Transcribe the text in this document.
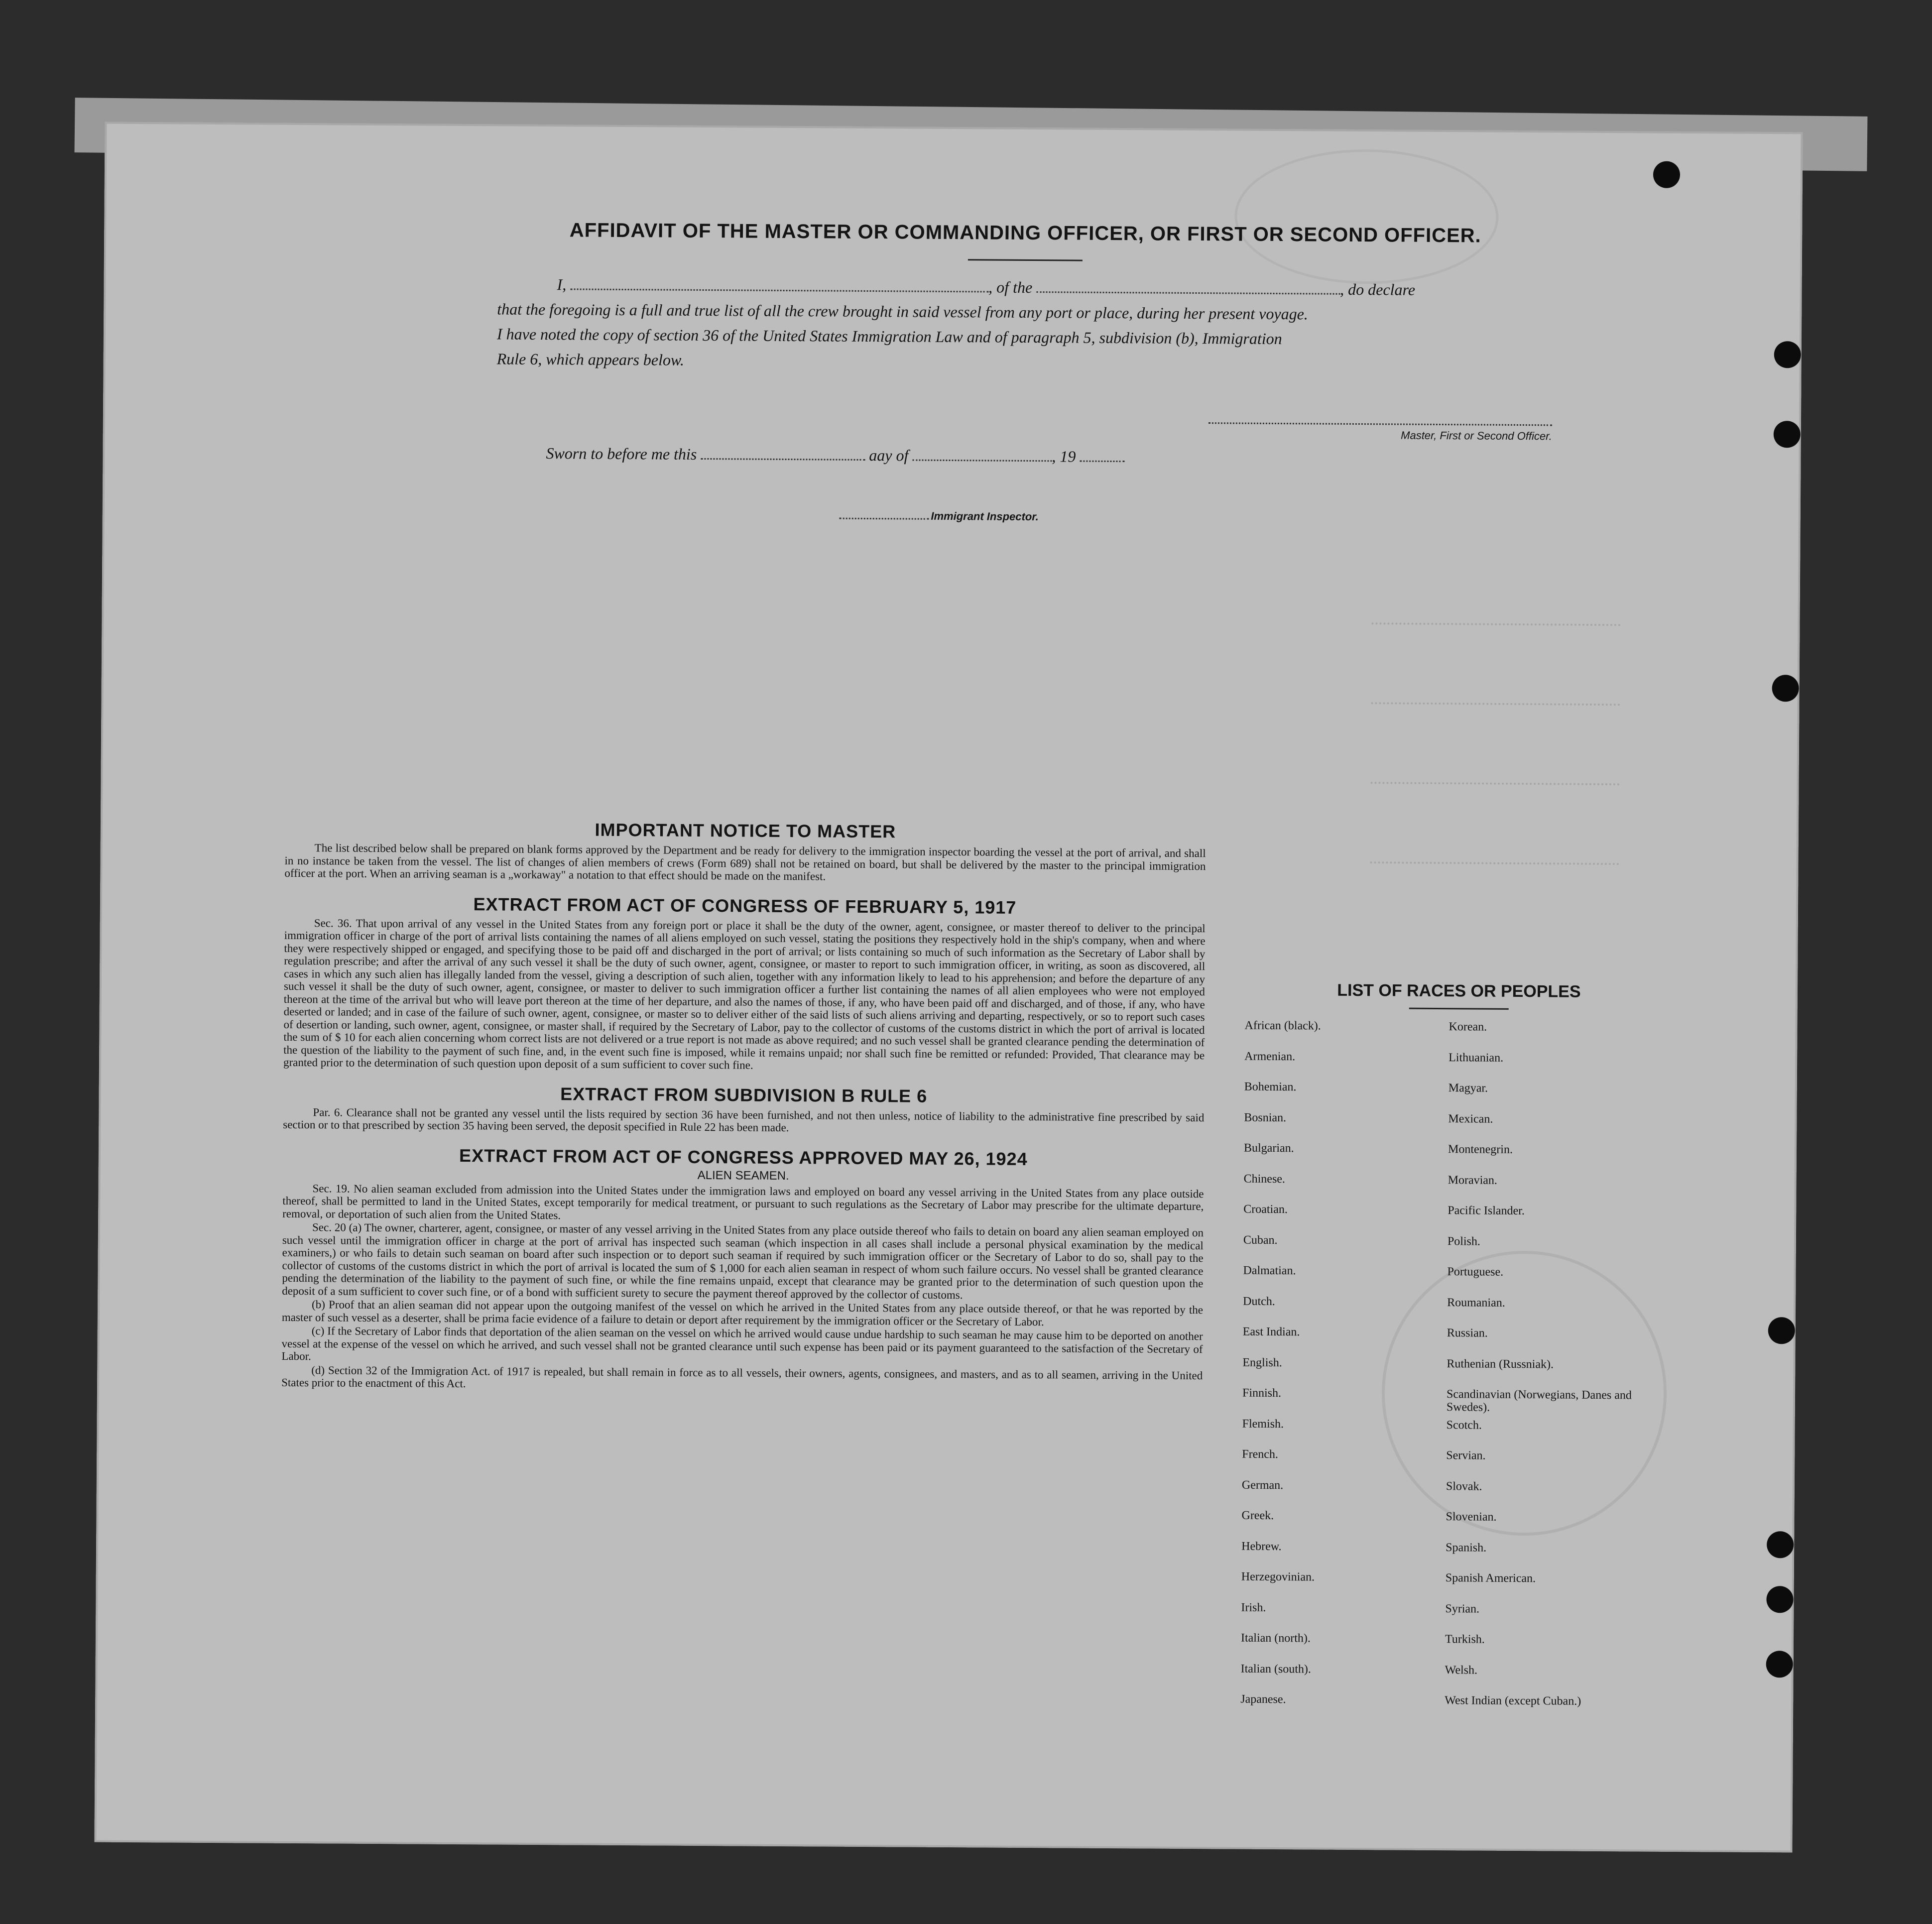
AFFIDAVIT OF THE MASTER OR COMMANDING OFFICER, OR FIRST OR SECOND OFFICER.
I,	, of the	, do declare
that the foregoing is a full and true list of all the crew brought in said vessel from any port or place, during her present voyage.
I have noted the copy of section 36 of the United States Immigration Law and of paragraph 5, subdivision (b), Immigration
Rule 6, which appears below.
Master, First or Second Officer.
Sworn to before me this	aay of	, 19
Immigrant Inspector.
IMPORTANT NOTICE TO MASTER

The list described below shall be prepared on blank forms approved by the Department and be ready for delivery to the immigration inspector boarding the vessel at the port of arrival, and shall in no instance be taken from the vessel. The list of changes of alien members of crews (Form 689) shall not be retained on board, but shall be delivered by the master to the principal immigration officer at the port. When an arriving seaman is a „workaway" a notation to that effect should be made on the manifest.

EXTRACT FROM ACT OF CONGRESS OF FEBRUARY 5, 1917

Sec. 36. That upon arrival of any vessel in the United States from any foreign port or place it shall be the duty of the owner, agent, consignee, or master thereof to deliver to the principal immigration officer in charge of the port of arrival lists containing the names of all aliens employed on such vessel, stating the positions they respectively hold in the ship's company, when and where they were respectively shipped or engaged, and specifying those to be paid off and discharged in the port of arrival; or lists containing so much of such information as the Secretary of Labor shall by regulation prescribe; and after the arrival of any such vessel it shall be the duty of such owner, agent, consignee, or master to report to such immigration officer, in writing, as soon as discovered, all cases in which any such alien has illegally landed from the vessel, giving a description of such alien, together with any information likely to lead to his apprehension; and before the departure of any such vessel it shall be the duty of such owner, agent, consignee, or master to deliver to such immigration officer a further list containing the names of all alien employees who were not employed thereon at the time of the arrival but who will leave port thereon at the time of her departure, and also the names of those, if any, who have been paid off and discharged, and of those, if any, who have deserted or landed; and in case of the failure of such owner, agent, consignee, or master so to deliver either of the said lists of such aliens arriving and departing, respectively, or so to report such cases of desertion or landing, such owner, agent, consignee, or master shall, if required by the Secretary of Labor, pay to the collector of customs of the customs district in which the port of arrival is located the sum of $ 10 for each alien concerning whom correct lists are not delivered or a true report is not made as above required; and no such vessel shall be granted clearance pending the determination of the question of the liability to the payment of such fine, and, in the event such fine is imposed, while it remains unpaid; nor shall such fine be remitted or refunded: Provided, That clearance may be granted prior to the determination of such question upon deposit of a sum sufficient to cover such fine.

EXTRACT FROM SUBDIVISION B RULE 6

Par. 6. Clearance shall not be granted any vessel until the lists required by section 36 have been furnished, and not then unless, notice of liability to the administrative fine prescribed by said section or to that prescribed by section 35 having been served, the deposit specified in Rule 22 has been made.

EXTRACT FROM ACT OF CONGRESS APPROVED MAY 26, 1924
ALIEN SEAMEN.

Sec. 19. No alien seaman excluded from admission into the United States under the immigration laws and employed on board any vessel arriving in the United States from any place outside thereof, shall be permitted to land in the United States, except temporarily for medical treatment, or pursuant to such regulations as the Secretary of Labor may prescribe for the ultimate departure, removal, or deportation of such alien from the United States.

Sec. 20 (a) The owner, charterer, agent, consignee, or master of any vessel arriving in the United States from any place outside thereof who fails to detain on board any alien seaman employed on such vessel until the immigration officer in charge at the port of arrival has inspected such seaman (which inspection in all cases shall include a personal physical examination by the medical examiners,) or who fails to detain such seaman on board after such inspection or to deport such seaman if required by such immigration officer or the Secretary of Labor to do so, shall pay to the collector of customs of the customs district in which the port of arrival is located the sum of $ 1,000 for each alien seaman in respect of whom such failure occurs. No vessel shall be granted clearance pending the determination of the liability to the payment of such fine, or while the fine remains unpaid, except that clearance may be granted prior to the determination of such question upon the deposit of a sum sufficient to cover such fine, or of a bond with sufficient surety to secure the payment thereof approved by the collector of customs.

(b) Proof that an alien seaman did not appear upon the outgoing manifest of the vessel on which he arrived in the United States from any place outside thereof, or that he was reported by the master of such vessel as a deserter, shall be prima facie evidence of a failure to detain or deport after requirement by the immigration officer or the Secretary of Labor.

(c) If the Secretary of Labor finds that deportation of the alien seaman on the vessel on which he arrived would cause undue hardship to such seaman he may cause him to be deported on another vessel at the expense of the vessel on which he arrived, and such vessel shall not be granted clearance until such expense has been paid or its payment guaranteed to the satisfaction of the Secretary of Labor.

(d) Section 32 of the Immigration Act. of 1917 is repealed, but shall remain in force as to all vessels, their owners, agents, consignees, and masters, and as to all seamen, arriving in the United States prior to the enactment of this Act.

LIST OF RACES OR PEOPLES
African (black).	Korean.
Armenian.	Lithuanian.
Bohemian.	Magyar.
Bosnian.	Mexican.
Bulgarian.	Montenegrin.
Chinese.	Moravian.
Croatian.	Pacific Islander.
Cuban.	Polish.
Dalmatian.	Portuguese.
Dutch.	Roumanian.
East Indian.	Russian.
English.	Ruthenian (Russniak).
Finnish.	Scandinavian (Norwegians, Danes and Swedes).
Flemish.	Scotch.
French.	Servian.
German.	Slovak.
Greek.	Slovenian.
Hebrew.	Spanish.
Herzegovinian.	Spanish American.
Irish.	Syrian.
Italian (north).	Turkish.
Italian (south).	Welsh.
Japanese.	West Indian (except Cuban.)
